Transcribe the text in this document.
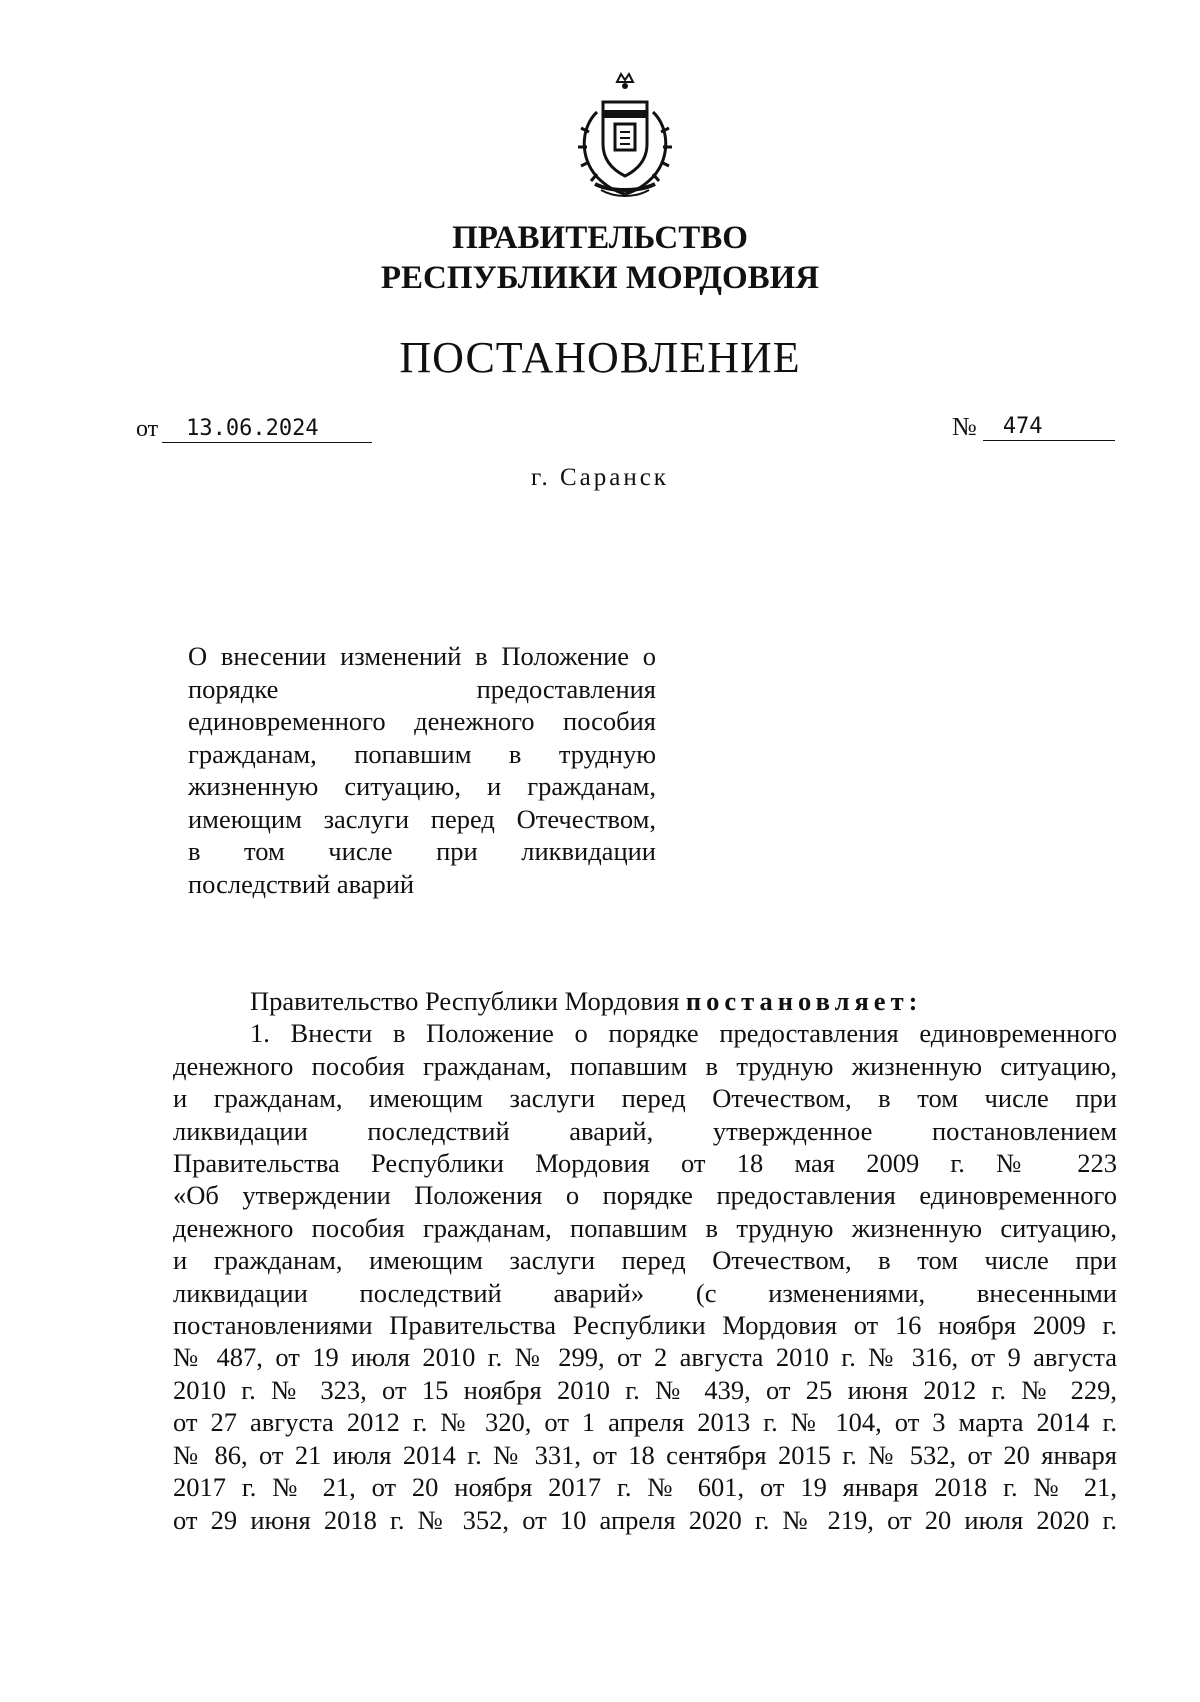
ПРАВИТЕЛЬСТВО
РЕСПУБЛИКИ МОРДОВИЯ
ПОСТАНОВЛЕНИЕ
от	13.06.2024	№	474
г. Саранск
О внесении изменений в Положение о
порядке предоставления
единовременного денежного пособия
гражданам, попавшим в трудную
жизненную ситуацию, и гражданам,
имеющим заслуги перед Отечеством,
в том числе при ликвидации
последствий аварий
Правительство Республики Мордовия постановляет:
1. Внести в Положение о порядке предоставления единовременного
денежного пособия гражданам, попавшим в трудную жизненную ситуацию,
и гражданам, имеющим заслуги перед Отечеством, в том числе при
ликвидации последствий аварий, утвержденное постановлением
Правительства Республики Мордовия от 18 мая 2009 г. № 223
«Об утверждении Положения о порядке предоставления единовременного
денежного пособия гражданам, попавшим в трудную жизненную ситуацию,
и гражданам, имеющим заслуги перед Отечеством, в том числе при
ликвидации последствий аварий» (с изменениями, внесенными
постановлениями Правительства Республики Мордовия от 16 ноября 2009 г.
№ 487, от 19 июля 2010 г. № 299, от 2 августа 2010 г. № 316, от 9 августа
2010 г. № 323, от 15 ноября 2010 г. № 439, от 25 июня 2012 г. № 229,
от 27 августа 2012 г. № 320, от 1 апреля 2013 г. № 104, от 3 марта 2014 г.
№ 86, от 21 июля 2014 г. № 331, от 18 сентября 2015 г. № 532, от 20 января
2017 г. № 21, от 20 ноября 2017 г. № 601, от 19 января 2018 г. № 21,
от 29 июня 2018 г. № 352, от 10 апреля 2020 г. № 219, от 20 июля 2020 г.
